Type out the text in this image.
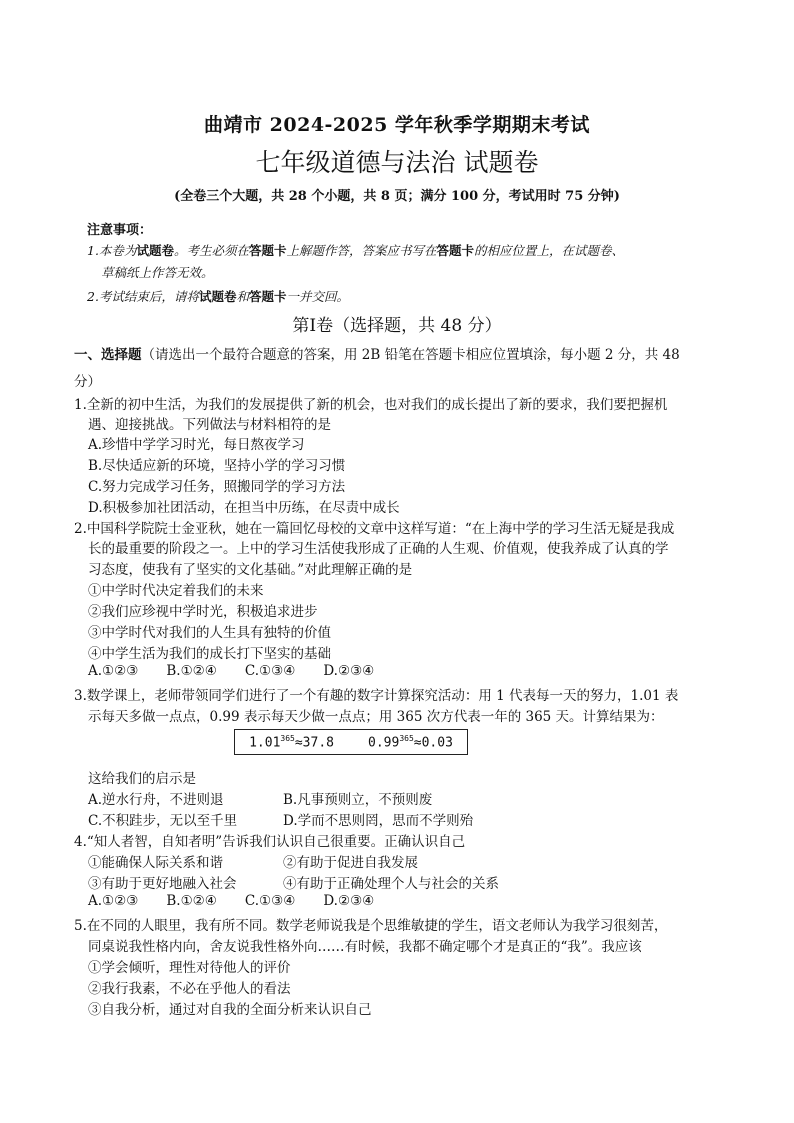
曲靖市 2024-2025 学年秋季学期期末考试
七年级道德与法治 试题卷
(全卷三个大题，共 28 个小题，共 8 页；满分 100 分，考试用时 75 分钟)
注意事项：
1.本卷为试题卷。考生必须在答题卡上解题作答，答案应书写在答题卡的相应位置上，在试题卷、
草稿纸上作答无效。
2.考试结束后，请将试题卷和答题卡一并交回。
第Ⅰ卷（选择题，共 48 分）
一、选择题（请选出一个最符合题意的答案，用 2B 铅笔在答题卡相应位置填涂，每小题 2 分，共 48
分）
1.全新的初中生活，为我们的发展提供了新的机会，也对我们的成长提出了新的要求，我们要把握机
遇、迎接挑战。下列做法与材料相符的是
A.珍惜中学学习时光，每日熬夜学习
B.尽快适应新的环境，坚持小学的学习习惯
C.努力完成学习任务，照搬同学的学习方法
D.积极参加社团活动，在担当中历练，在尽责中成长
2.中国科学院院士金亚秋，她在一篇回忆母校的文章中这样写道：“在上海中学的学习生活无疑是我成
长的最重要的阶段之一。上中的学习生活使我形成了正确的人生观、价值观，使我养成了认真的学
习态度，使我有了坚实的文化基础。”对此理解正确的是
①中学时代决定着我们的未来
②我们应珍视中学时光，积极追求进步
③中学时代对我们的人生具有独特的价值
④中学生活为我们的成长打下坚实的基础
A.①②③ B.①②④ C.①③④ D.②③④
3.数学课上，老师带领同学们进行了一个有趣的数字计算探究活动：用 1 代表每一天的努力，1.01 表
示每天多做一点点，0.99 表示每天少做一点点；用 365 次方代表一年的 365 天。计算结果为：
$1.01^{365}\approx 37.8$	$0.99^{365}\approx 0.03$
这给我们的启示是
A.逆水行舟，不进则退	B.凡事预则立，不预则废
C.不积跬步，无以至千里	D.学而不思则罔，思而不学则殆
4.“知人者智，自知者明”告诉我们认识自己很重要。正确认识自己
①能确保人际关系和谐	②有助于促进自我发展
③有助于更好地融入社会	④有助于正确处理个人与社会的关系
A.①②③ B.①②④ C.①③④ D.②③④
5.在不同的人眼里，我有所不同。数学老师说我是个思维敏捷的学生，语文老师认为我学习很刻苦，
同桌说我性格内向，舍友说我性格外向……有时候，我都不确定哪个才是真正的“我”。我应该
①学会倾听，理性对待他人的评价
②我行我素，不必在乎他人的看法
③自我分析，通过对自我的全面分析来认识自己
